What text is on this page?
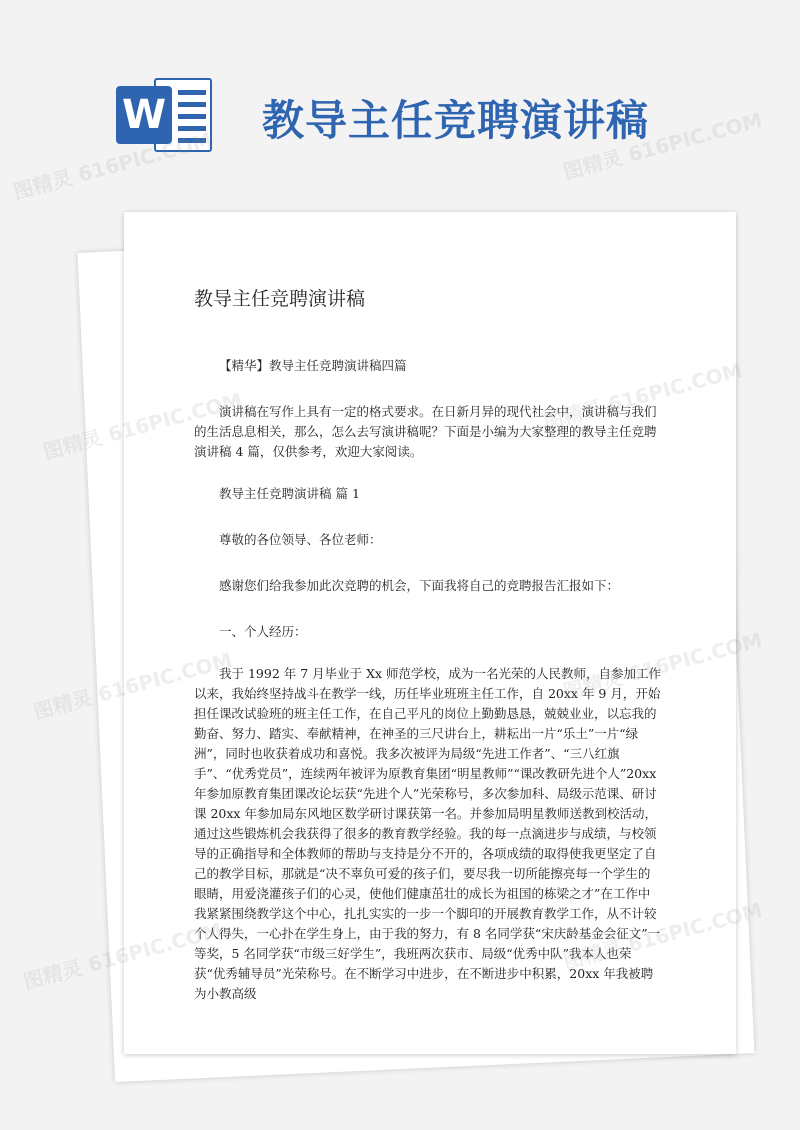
W 教导主任竞聘演讲稿
教导主任竞聘演讲稿
【精华】教导主任竞聘演讲稿四篇
演讲稿在写作上具有一定的格式要求。在日新月异的现代社会中，演讲稿与我们的生活息息相关，那么，怎么去写演讲稿呢？下面是小编为大家整理的教导主任竞聘演讲稿 4 篇，仅供参考，欢迎大家阅读。
教导主任竞聘演讲稿 篇 1
尊敬的各位领导、各位老师：
感谢您们给我参加此次竞聘的机会，下面我将自己的竞聘报告汇报如下：
一、个人经历：
我于 1992 年 7 月毕业于 Xx 师范学校，成为一名光荣的人民教师，自参加工作以来，我始终坚持战斗在教学一线，历任毕业班班主任工作，自 20xx 年 9 月，开始担任课改试验班的班主任工作，在自己平凡的岗位上勤勤恳恳，兢兢业业，以忘我的勤奋、努力、踏实、奉献精神，在神圣的三尺讲台上，耕耘出一片“乐土”一片“绿洲”，同时也收获着成功和喜悦。我多次被评为局级“先进工作者”、“三八红旗手”、“优秀党员”，连续两年被评为原教育集团“明星教师”“课改教研先进个人”20xx 年参加原教育集团课改论坛获“先进个人”光荣称号，多次参加科、局级示范课、研讨课 20xx 年参加局东风地区数学研讨课获第一名。并参加局明星教师送教到校活动，通过这些锻炼机会我获得了很多的教育教学经验。我的每一点滴进步与成绩，与校领导的正确指导和全体教师的帮助与支持是分不开的，各项成绩的取得使我更坚定了自己的教学目标，那就是“决不辜负可爱的孩子们，要尽我一切所能擦亮每一个学生的眼睛，用爱浇灌孩子们的心灵，使他们健康茁壮的成长为祖国的栋梁之才”在工作中我紧紧围绕教学这个中心，扎扎实实的一步一个脚印的开展教育教学工作，从不计较个人得失，一心扑在学生身上，由于我的努力，有 8 名同学获“宋庆龄基金会征文”一等奖，5 名同学获“市级三好学生”，我班两次获市、局级“优秀中队”我本人也荣获“优秀辅导员”光荣称号。在不断学习中进步，在不断进步中积累，20xx 年我被聘为小教高级
图精灵 616PIC.COM	图精灵 616PIC.COM
图精灵
图精灵
图精灵
